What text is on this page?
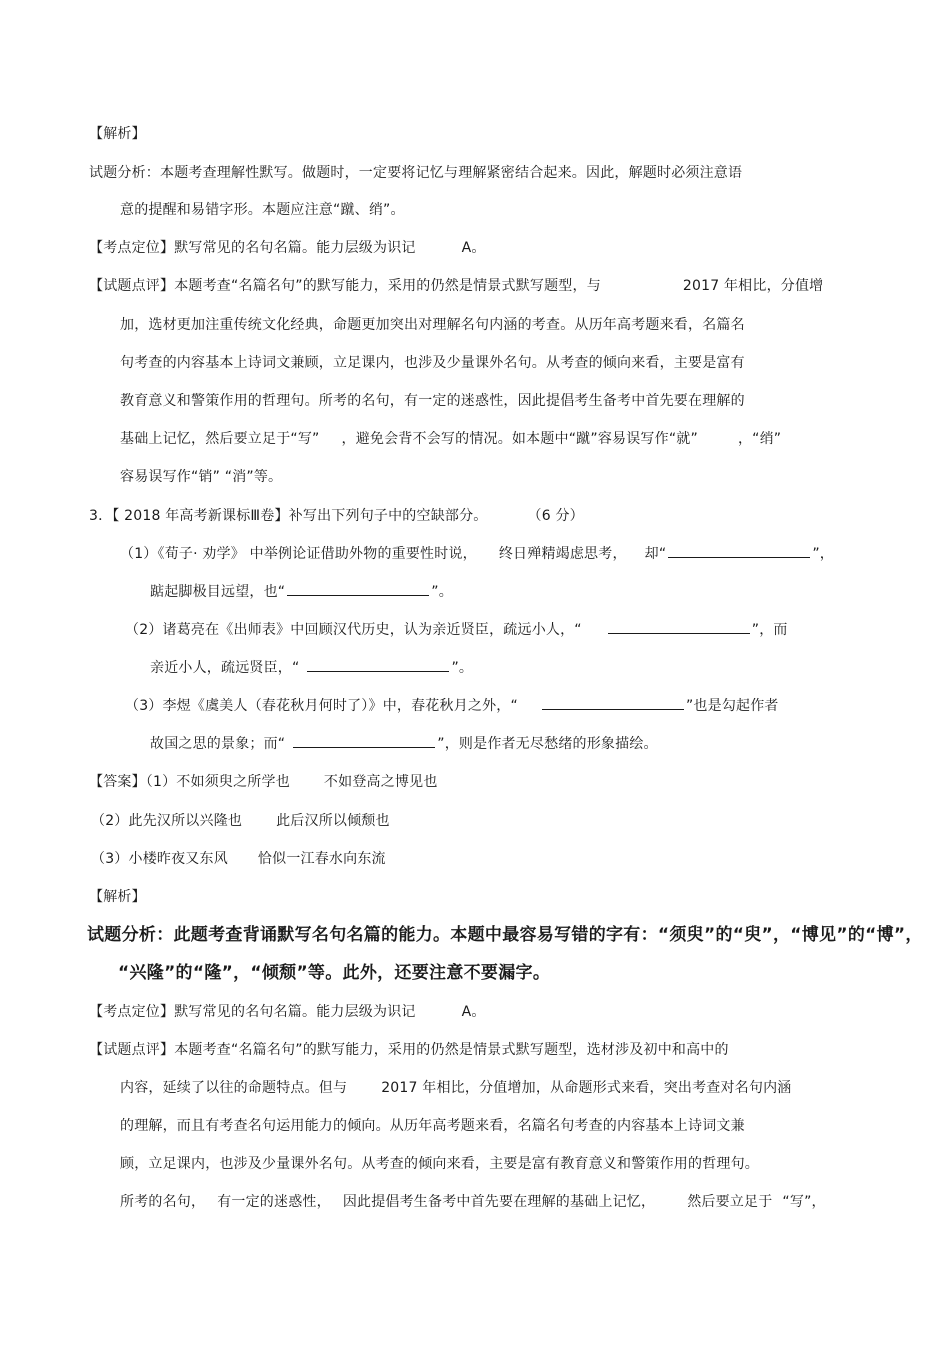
【解析】
试题分析：本题考查理解性默写。做题时，一定要将记忆与理解紧密结合起来。因此，解题时必须注意语
意的提醒和易错字形。本题应注意“蹴、绡”。
【考点定位】默写常见的名句名篇。能力层级为识记	A。
【试题点评】本题考查“名篇名句”的默写能力，采用的仍然是情景式默写题型，与	2017 年相比，分值增
加，选材更加注重传统文化经典，命题更加突出对理解名句内涵的考查。从历年高考题来看，名篇名
句考查的内容基本上诗词文兼顾，立足课内，也涉及少量课外名句。从考查的倾向来看，主要是富有
教育意义和警策作用的哲理句。所考的名句，有一定的迷惑性，因此提倡考生备考中首先要在理解的
基础上记忆，然后要立足于“写” ，避免会背不会写的情况。如本题中“蹴”容易误写作“就”	，“绡”
容易误写作“销” “消”等。
3．【 2018 年高考新课标Ⅲ卷】补写出下列句子中的空缺部分。	（6 分）
（1）《荀子· 劝学》 中举例论证借助外物的重要性时说， 终日殚精竭虑思考， 却“	”，
踮起脚极目远望，也“	”。
（2）诸葛亮在《出师表》中回顾汉代历史，认为亲近贤臣，疏远小人，“	”，而
亲近小人，疏远贤臣，“	”。
（3）李煜《虞美人（春花秋月何时了）》中，春花秋月之外，“	”也是勾起作者
故国之思的景象；而“	”，则是作者无尽愁绪的形象描绘。
【答案】（1）不如须臾之所学也 不如登高之博见也
（2）此先汉所以兴隆也 此后汉所以倾颓也
（3）小楼昨夜又东风 恰似一江春水向东流
【解析】
试题分析：此题考查背诵默写名句名篇的能力。本题中最容易写错的字有：“须臾”的“臾”，“博见”的“博”，
“兴隆”的“隆”，“倾颓”等。此外，还要注意不要漏字。
【考点定位】默写常见的名句名篇。能力层级为识记	A。
【试题点评】本题考查“名篇名句”的默写能力，采用的仍然是情景式默写题型，选材涉及初中和高中的
内容，延续了以往的命题特点。但与 2017 年相比，分值增加，从命题形式来看，突出考查对名句内涵
的理解，而且有考查名句运用能力的倾向。从历年高考题来看，名篇名句考查的内容基本上诗词文兼
顾，立足课内，也涉及少量课外名句。从考查的倾向来看，主要是富有教育意义和警策作用的哲理句。
所考的名句， 有一定的迷惑性， 因此提倡考生备考中首先要在理解的基础上记忆， 然后要立足于 “写”，
